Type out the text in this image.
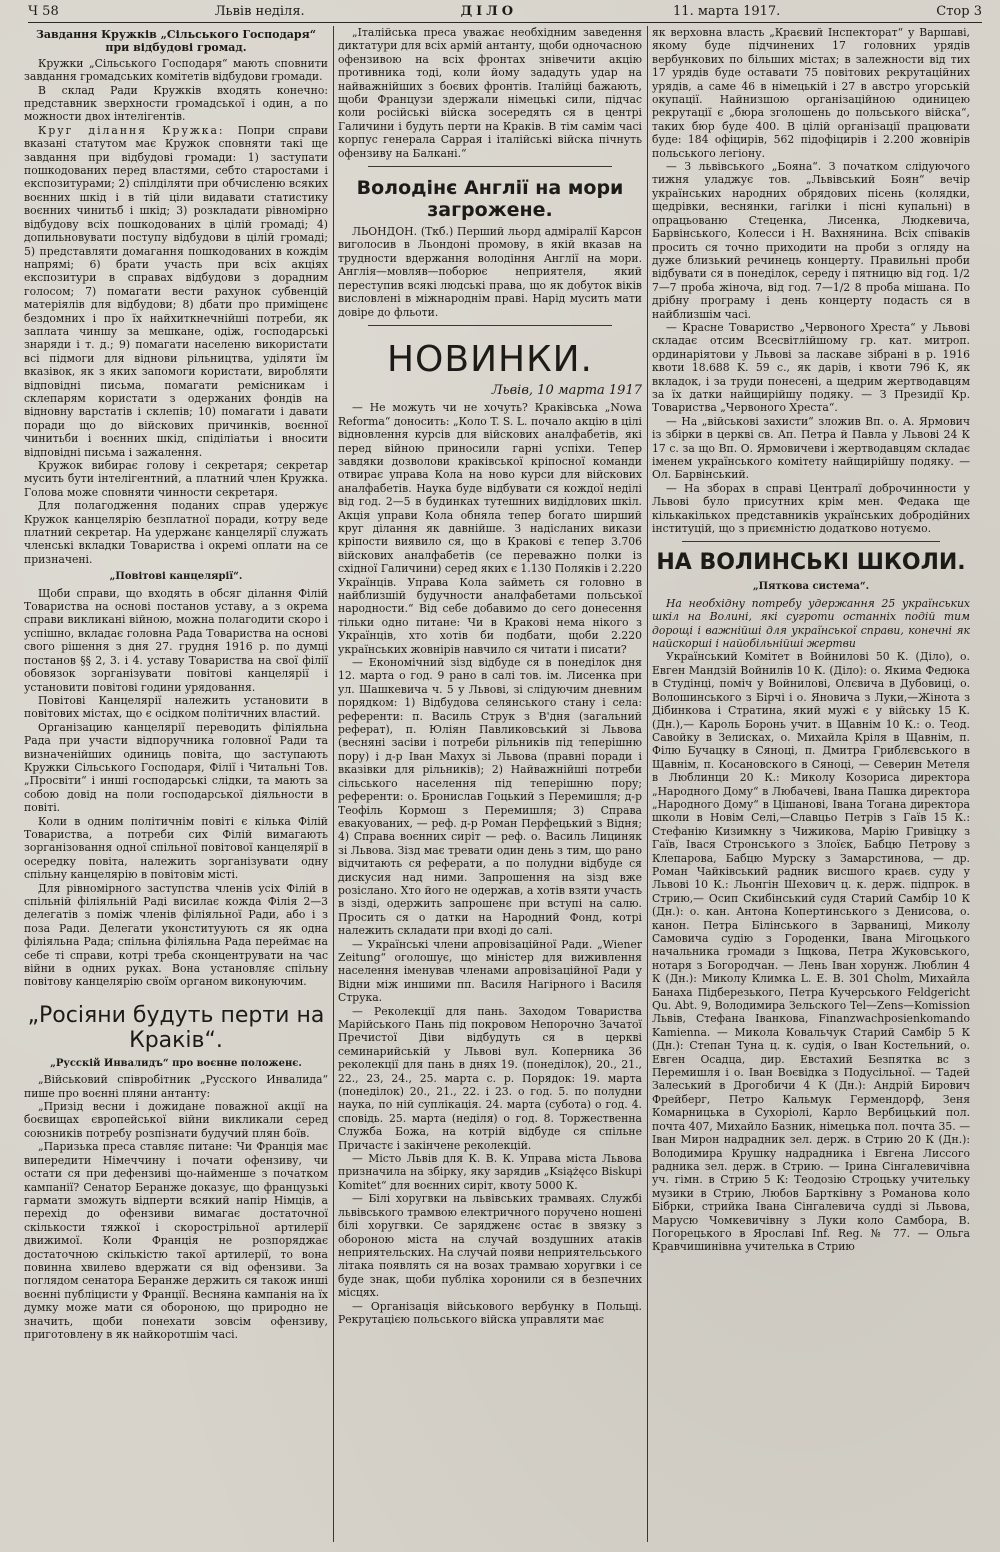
Ч 58	Львів неділя.	ДІЛО	11. марта 1917.	Стор 3
Завдання Кружків „Сільського Господаря“ при відбудові громад.

Кружки „Сільського Господаря“ мають сповнити завдання громадських комітетів відбудови громади.

В склад Ради Кружків входять конечно: представник зверхности громадської і один, а по можности двох інтелігентів.

Круг ділання Кружка: Попри справи вказані статутом має Кружок сповняти такі ще завдання при відбудові громади: 1) заступати пошкодованих перед властями, себто старостами і експозитурами; 2) спілділяти при обчисленю всяких воєнних шкід і в тій ціли видавати статистику воєнних чинитьб і шкід; 3) розкладати рівномірно відбудову всіх пошкодованих в цілій громаді; 4) допильновувати поступу відбудови в цілій громаді; 5) представляти домагання пошкодованих в кождім напрямі; 6) брати участь при всіх акціях експозитури в справах відбудови з дорадним голосом; 7) помагати вести рахунок субвенцій матеріялів для відбудови; 8) дбати про приміщенє бездомних і про їх найхиткнечнійші потреби, як заплата чиншу за мешкане, одіж, господарські знаряди і т. д.; 9) помагати населеню використати всі підмоги для віднови рільництва, уділяти їм вказівок, як з яких запомоги користати, виробляти відповідні письма, помагати ремісникам і склепарям користати з одержаних фондів на відновну варстатів і склепів; 10) помагати і давати поради що до війскових причинків, воєнної чинитьби і воєнних шкід, спіділіатьи і вносити відповідні письма і зажалення.

Кружок вибирає голову і секретаря; секретар мусить бути інтелігентний, а платний член Кружка. Голова може сповняти чинности секретаря.

Для полагодження поданих справ удержує Кружок канцелярію безплатної поради, котру веде платний секретар. На удержанє канцелярії служать членські вкладки Товариства і окремі оплати на се призначені.

„Повітові канцелярії“.

Щоби справи, що входять в обсяг ділання Філій Товариства на основі постанов уставу, а з окрема справи викликані війною, можна полагодити скоро і успішно, вкладає головна Рада Товариства на основі свого рішення з дня 27. грудня 1916 р. по думці постанов §§ 2, 3. і 4. уставу Товариства на свої філії обовязок зорганізувати повітові канцелярії і установити повітові години урядовання.

Повітові Канцелярії належить установити в повітових містах, що є осідком політичних властий.

Організацию канцелярії переводить філіяльна Рада при участи відпоручника головної Ради та визначенійших одиниць повіта, що заступають Кружки Сільського Господаря, Філії і Читальні Тов. „Просвіти“ і инші господарські слідки, та мають за собою довід на поли господарської діяльности в повіті.

Коли в одним політичнім повіті є кілька Філій Товариства, а потреби сих Філій вимагають зорганізовання одної спільної повітової канцелярії в осередку повіта, належить зорганізувати одну спільну канцелярію в повітовім місті.

Для рівномірного заступства членів усіх Філій в спільній філіяльній Раді висилає кожда Філія 2—3 делегатів з поміж членів філіяльної Ради, або і з поза Ради. Делегати уконституують ся як одна філіяльна Рада; спільна філіяльна Рада переймає на себе ті справи, котрі треба сконцентрувати на час війни в одних руках. Вона установляє спільну повітову канцелярію своїм органом виконуючим.

„Росіяни будуть перти на Краків“.
„Русскій Инвалидъ“ про воєнне положенє.

„Військовий співробітник „Русского Инвалида“ пише про воєнні пляни антанту:

„Призід весни і дожидане поважної акції на боєвищах європейської війни викликали серед союзників потребу розпізнати будучий плян боїв.

„Паризька преса ставляє питане: Чи Франція має випередити Німеччину і почати офензиву, чи остати ся при дефензиві що-найменше з початком кампанії? Сенатор Беранже доказує, що французькі гармати зможуть відперти всякий напір Німців, а перехід до офензиви вимагає достаточної скількости тяжкої і скорострільної артилерії движимої. Коли Франція не розпоряджає достаточною скількістю такої артилерії, то вона повинна хвилево вдержати ся від офензиви. За поглядом сенатора Беранже держить ся також инші воєнні публіцисти у Франції. Весняна кампанія на їх думку може мати ся обороною, що природно не значить, щоби понехати зовсім офензиву, приготовлену в як найкоротшім часі.

„Італійська преса уважає необхідним заведення диктатури для всіх армій антанту, щоби одночасною офензивою на всіх фронтах знівечити акцію противника тоді, коли йому зададуть удар на найважнійших з боєвих фронтів. Італійці бажають, щоби Французи здержали німецькі сили, підчас коли російські війска зосередять ся в центрі Галичини і будуть перти на Краків. В тім самім часі корпус генерала Саррая і італійські війска пічнуть офензиву на Балкані.“

Володінє Англії на мори загрожене.

ЛЬОНДОН. (Ткб.) Перший льорд адміралії Карсон виголосив в Льондоні промову, в якій вказав на трудности вдержання володіння Англії на мори. Англія—мовляв—поборює неприятеля, який переступив всякі людські права, що як добуток віків висловлені в міжнароднім праві. Нарід мусить мати довіре до фльоти.

НОВИНКИ.
Львів, 10 марта 1917

— Не можуть чи не хочуть? Краківська „Nowa Reforma“ доносить: „Коло T. S. L. почало акцію в цілі відновлення курсів для війскових аналфабетів, які перед війною приносили гарні успіхи. Тепер завдяки дозволови краківської кріпосної команди отвирає управа Кола на ново курси для війскових аналфабетів. Наука буде відбувати ся кождої неділі від год. 2—5 в будинках тутешних видідлових шкіл. Акція управи Кола обняла тепер богато ширший круг ділання як давнійше. З надісланих викази кріпости виявило ся, що в Кракові є тепер 3.706 війскових аналфабетів (се переважно полки із східної Галичини) серед яких є 1.130 Поляків і 2.220 Українців. Управа Кола займеть ся головно в найблизшій будучности аналфабетами польської народности.“ Від себе добавимо до сего донесення тільки одно питане: Чи в Кракові нема нікого з Українців, хто хотів би подбати, щоби 2.220 українських жовнірів навчило ся читати і писати?

— Економічний зізд відбуде ся в понеділок дня 12. марта о год. 9 рано в салі тов. ім. Лисенка при ул. Шашкевича ч. 5 у Львові, зі слідуючим дневним порядком: 1) Відбудова селянського стану і села: референти: п. Василь Струк з В'дня (загальний реферат), п. Юліян Павликовський зі Львова (весняні засіви і потреби рільників під теперішню пору) і д-р Іван Махух зі Львова (правні поради і вказівки для рільників); 2) Найважнійші потреби сільського населення під теперішню пору; референти: о. Бронислав Гоцький з Перемишля; д-р Теофіль Кормош з Перемишля; 3) Справа евакуованих, — реф. д-р Роман Перфецький з Відня; 4) Справа воєнних сиріт — реф. о. Василь Лициняк зі Львова. Зізд має тревати один день з тим, що рано відчитають ся реферати, а по полудни відбуде ся дискусия над ними. Запрошення на зізд вже розіслано. Хто його не одержав, а хотів взяти участь в зізді, одержить запрошенє при вступі на салю. Просить ся о датки на Народний Фонд, котрі належить складати при вході до салі.

— Українські члени апровізаційної Ради. „Wiener Zeitung“ оголошує, що міністер для виживлення населення іменував членами апровізаційної Ради у Відни між иншими пп. Василя Нагірного і Василя Струка.

— Реколекції для пань. Заходом Товариства Марійського Пань під покровом Непорочно Зачатої Пречистої Діви відбудуть ся в церкві семинарийській у Львові вул. Коперника 36 реколекції для пань в днях 19. (понеділок), 20., 21., 22., 23, 24., 25. марта с. р. Порядок: 19. марта (понеділок) 20., 21., 22. і 23. о год. 5. по полудни наука, по ній суплікація. 24. марта (субота) о год. 4. сповідь. 25. марта (неділя) о год. 8. Торжественна Служба Божа, на котрій відбуде ся спільне Причастє і закінчене реколекцій.

— Місто Львів для К. В. К. Управа міста Львова призначила на збірку, яку зарядив „Książęco Biskupi Komitet“ для воєнних сиріт, квоту 5000 К.

— Білі хоругвки на львівських трамваях. Службі львівського трамвою електричного поручено ношені білі хоругвки. Се зарядженє остає в звязку з обороною міста на случай воздушних атаків неприятельских. На случай появи неприятельського літака появлять ся на возах трамваю хоругвки і се буде знак, щоби публіка хоронили ся в безпечних місцях.

— Організація військового вербунку в Польщі. Рекрутацією польського війска управляти має

як верховна власть „Краєвий Інспекторат“ у Варшаві, якому буде підчинених 17 головних урядів вербункових по більших містах; в залежности від тих 17 урядів буде оставати 75 повітових рекрутаційних урядів, а саме 46 в німецькій і 27 в австро угорській окупації. Найнизшою організаційною одиницею рекрутації є „бюра зголошень до польського війска“, таких бюр буде 400. В цілій організації працювати буде: 184 офіцирів, 562 підофіцирів і 2.200 жовнірів польського легіону.

— З львівського „Бояна“. З початком слідуючого тижня уладжує тов. „Львівський Боян“ вечір українських народних обрядових пісень (колядки, щедрівки, веснянки, гагілки і пісні купальні) в опрацьованю Стеценка, Лисенка, Людкевича, Барвінського, Колесси і Н. Вахнянина. Всіх співаків просить ся точно приходити на проби з огляду на дуже близький речинець концерту. Правильні проби відбувати ся в понеділок, середу і пятницю від год. 1/2 7—7 проба жіноча, від год. 7—1/2 8 проба мішана. По дрібну програму і день концерту подасть ся в найблизшім часі.

— Красне Товариство „Червоного Хреста“ у Львові складає отсим Всесвітлійшому гр. кат. митроп. ординаріятови у Львові за ласкаве зібрані в р. 1916 квоти 18.688 K. 59 с., як дарів, і квоти 796 К, як вкладок, і за труди понесені, а щедрим жертводавцям за їх датки найщирійшу подяку. — З Президії Кр. Товариства „Червоного Хреста“.

— На „військові захисти“ зложив Вп. о. А. Ярмович із збірки в церкві св. Ап. Петра й Павла у Львові 24 К 17 с. за що Вп. О. Ярмовичеви і жертводавцям складає іменем українського комітету найщирійшу подяку. — Ол. Барвінський.

— На зборах в справі Централї доброчинности у Львові було присутних крім мен. Федака ще кількакількох представників українських добродійних інституцій, що з приємністю додатково нотуємо.

НА ВОЛИНСЬКІ ШКОЛИ.
„Пяткова система“.

На необхідну потребу удержання 25 українських шкіл на Волині, які сугроти останніх подій тим дорощі і важнійші для української справи, конечні як найскорші і найобільнійші жертви

Український Комітет в Войнилові 50 К. (Діло), о. Евген Мандзій Войнилів 10 К. (Діло): о. Якима Федюка в Студінці, поміч у Войнилові, Олєвича в Дубовиці, о. Волошинського з Бірчі і о. Яновича з Луки,—Жінота з Дібинкова і Стратина, який мужі є у війську 15 К. (Дн.),— Кароль Боронь учит. в Щавнім 10 К.: о. Теод. Савойку в Зелисках, о. Михайла Кріля в Щавнім, п. Філю Бучацку в Сяноці, п. Дмитра Гриблєвського в Щавнім, п. Косановского в Сяноці, — Северин Метеля в Люблинци 20 К.: Миколу Козориса директора „Народного Дому“ в Любачеві, Івана Пашка директора „Народного Дому“ в Цішанові, Івана Тогана директора школи в Новім Селі,—Славцьо Петрів з Гаїв 15 К.: Стефанію Кизимкну з Чижикова, Марію Гривіцку з Гаїв, Івася Стронського з Злоїєк, Бабцю Петрову з Клепарова, Бабцю Мурску з Замарстинова, — др. Роман Чайківський радник висшого краєв. суду у Львові 10 К.: Льонгін Шехович ц. к. держ. підпрок. в Стрию,— Осип Скибінський судя Старий Самбір 10 К (Дн.): о. кан. Антона Копертинського з Денисова, о. канон. Петра Білінського в Зарваниці, Миколу Самовича судію з Городенки, Івана Мігоцького начальника громади з Іщкова, Петра Жуковського, нотаря з Богородчан. — Лень Іван хорунж. Люблин 4 К (Дн.): Миколу Климкa L. E. B. 301 Cholm, Михайла Банаха Підберезького, Петра Кучерського Feldgericht Qu. Abt. 9, Володимира Зельского Tel—Zens—Komission Львів, Стефана Іванкова, Finanzwachposienkomando Kamienna. — Микола Ковальчук Старий Самбір 5 К (Дн.): Степан Туна ц. к. судія, о Іван Костельний, о. Евген Осадца, дир. Евстахий Безпятка вс з Перемишля і о. Іван Воєвідка з Подусільної. — Тадей Залеський в Дрогобичи 4 К (Дн.): Андрій Бирович Фрейберг, Петро Кальмук Гермендорф, Зеня Комарницька в Сухоріолі, Карло Вербицький пол. почта 407, Михайло Базник, німецька пол. почта 35. — Іван Мирон надрадник зел. держ. в Стрию 20 К (Дн.): Володимира Крушку надрадника і Евгена Лиссого радника зел. держ. в Стрию. — Ірина Сінгалевичівна уч. гімн. в Стрию 5 К: Теодозію Строцьку учительку музики в Стрию, Любов Бартківну з Романова коло Бібрки, стрийка Івана Сінгалевича судді зі Львова, Марусю Чомкевичівну з Луки коло Самбора, В. Погорецького в Ярославі Inf. Reg. № 77. — Ольга Кравчишинівна учителька в Стрию
